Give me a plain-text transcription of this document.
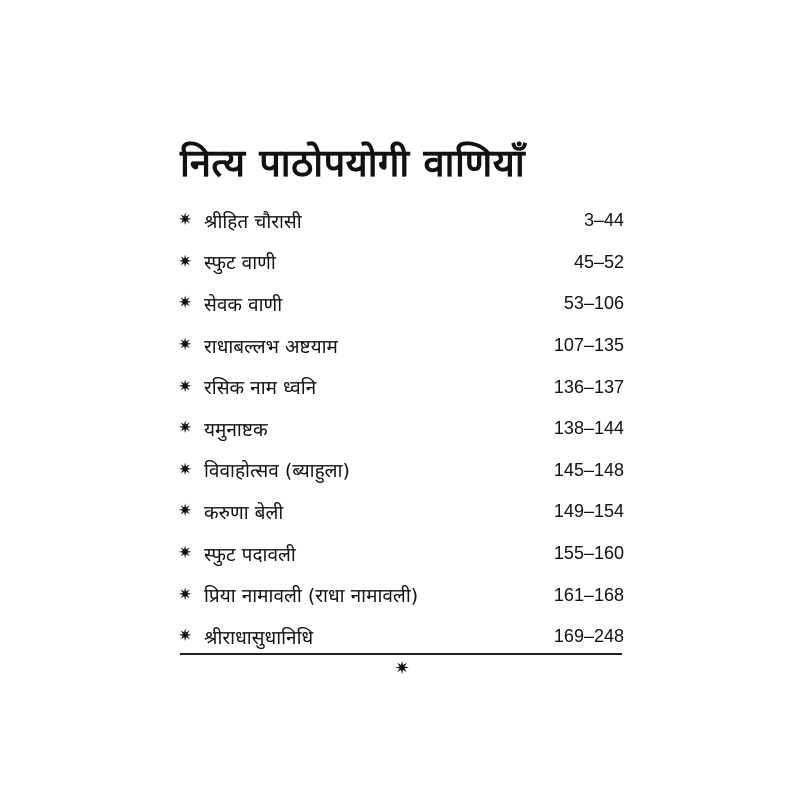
नित्य पाठोपयोगी वाणियाँ
✷ श्रीहित चौरासी	3–44
✷ स्फुट वाणी	45–52
✷ सेवक वाणी	53–106
✷ राधाबल्लभ अष्टयाम	107–135
✷ रसिक नाम ध्वनि	136–137
✷ यमुनाष्टक	138–144
✷ विवाहोत्सव (ब्याहुला)	145–148
✷ करुणा बेली	149–154
✷ स्फुट पदावली	155–160
✷ प्रिया नामावली (राधा नामावली)	161–168
✷ श्रीराधासुधानिधि	169–248
✷
